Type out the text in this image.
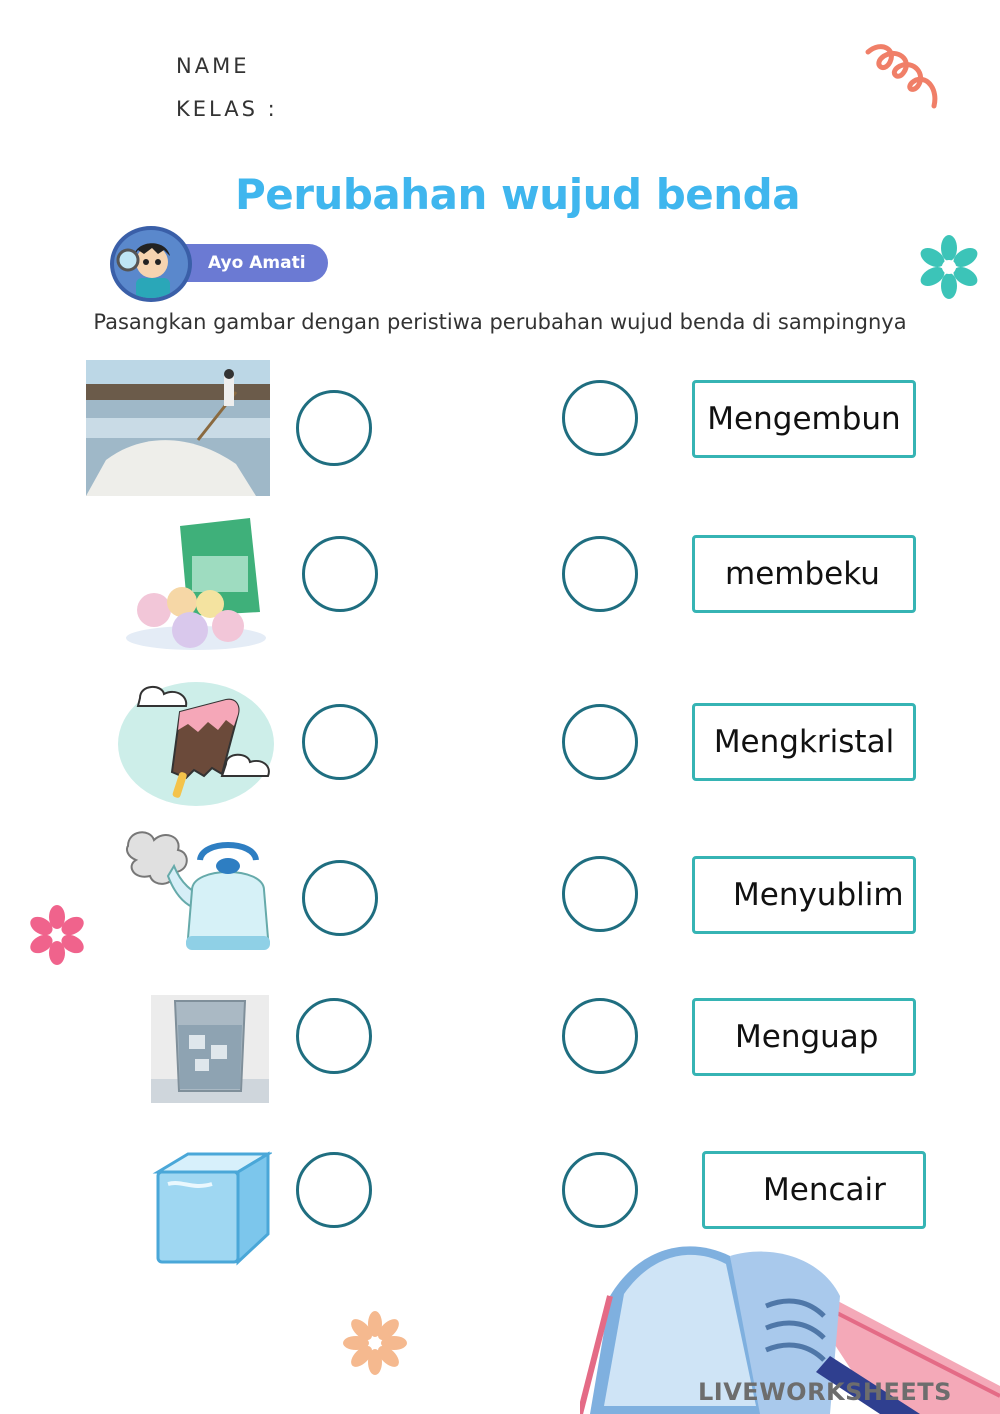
NAME
KELAS :
Perubahan wujud benda
Ayo Amati
Pasangkan gambar dengan peristiwa perubahan wujud benda di sampingnya
Mengembun
membeku
Mengkristal
Menyublim
Menguap
Mencair
LIVEWORKSHEETS
